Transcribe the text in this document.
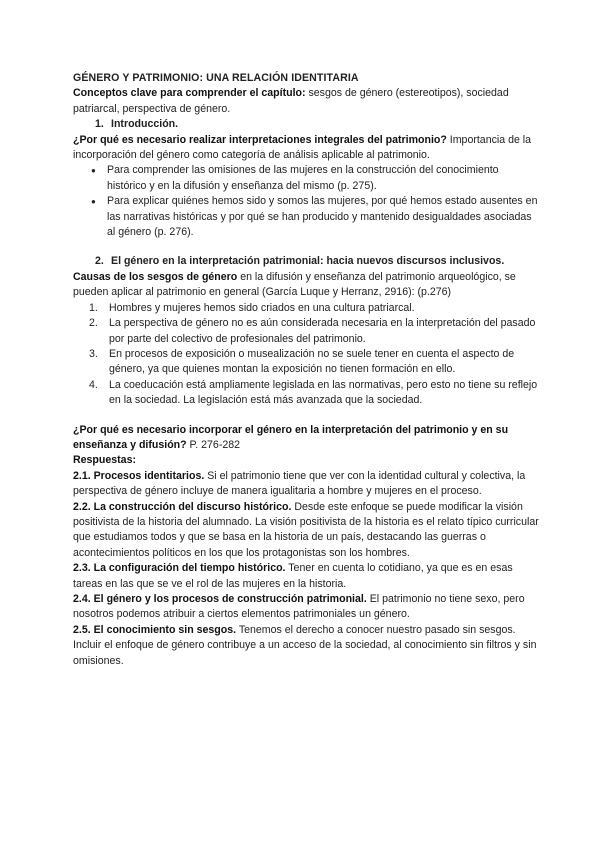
GÉNERO Y PATRIMONIO: UNA RELACIÓN IDENTITARIA

Conceptos clave para comprender el capítulo: sesgos de género (estereotipos), sociedad patriarcal, perspectiva de género.

1. Introducción.

¿Por qué es necesario realizar interpretaciones integrales del patrimonio? Importancia de la incorporación del género como categoría de análisis aplicable al patrimonio.

● Para comprender las omisiones de las mujeres en la construcción del conocimiento histórico y en la difusión y enseñanza del mismo (p. 275).
● Para explicar quiénes hemos sido y somos las mujeres, por qué hemos estado ausentes en las narrativas históricas y por qué se han producido y mantenido desigualdades asociadas al género (p. 276).

2. El género en la interpretación patrimonial: hacia nuevos discursos inclusivos.

Causas de los sesgos de género en la difusión y enseñanza del patrimonio arqueológico, se pueden aplicar al patrimonio en general (García Luque y Herranz, 2916): (p.276)

1. Hombres y mujeres hemos sido criados en una cultura patriarcal.
2. La perspectiva de género no es aún considerada necesaria en la interpretación del pasado por parte del colectivo de profesionales del patrimonio.
3. En procesos de exposición o musealización no se suele tener en cuenta el aspecto de género, ya que quienes montan la exposición no tienen formación en ello.
4. La coeducación está ampliamente legislada en las normativas, pero esto no tiene su reflejo en la sociedad. La legislación está más avanzada que la sociedad.

¿Por qué es necesario incorporar el género en la interpretación del patrimonio y en su enseñanza y difusión? P. 276-282

Respuestas:

2.1. Procesos identitarios. Si el patrimonio tiene que ver con la identidad cultural y colectiva, la perspectiva de género incluye de manera igualitaria a hombre y mujeres en el proceso.

2.2. La construcción del discurso histórico. Desde este enfoque se puede modificar la visión positivista de la historia del alumnado. La visión positivista de la historia es el relato típico curricular que estudiamos todos y que se basa en la historia de un país, destacando las guerras o acontecimientos políticos en los que los protagonistas son los hombres.

2.3. La configuración del tiempo histórico. Tener en cuenta lo cotidiano, ya que es en esas tareas en las que se ve el rol de las mujeres en la historia.

2.4. El género y los procesos de construcción patrimonial. El patrimonio no tiene sexo, pero nosotros podemos atribuir a ciertos elementos patrimoniales un género.

2.5. El conocimiento sin sesgos. Tenemos el derecho a conocer nuestro pasado sin sesgos. Incluir el enfoque de género contribuye a un acceso de la sociedad, al conocimiento sin filtros y sin omisiones.
